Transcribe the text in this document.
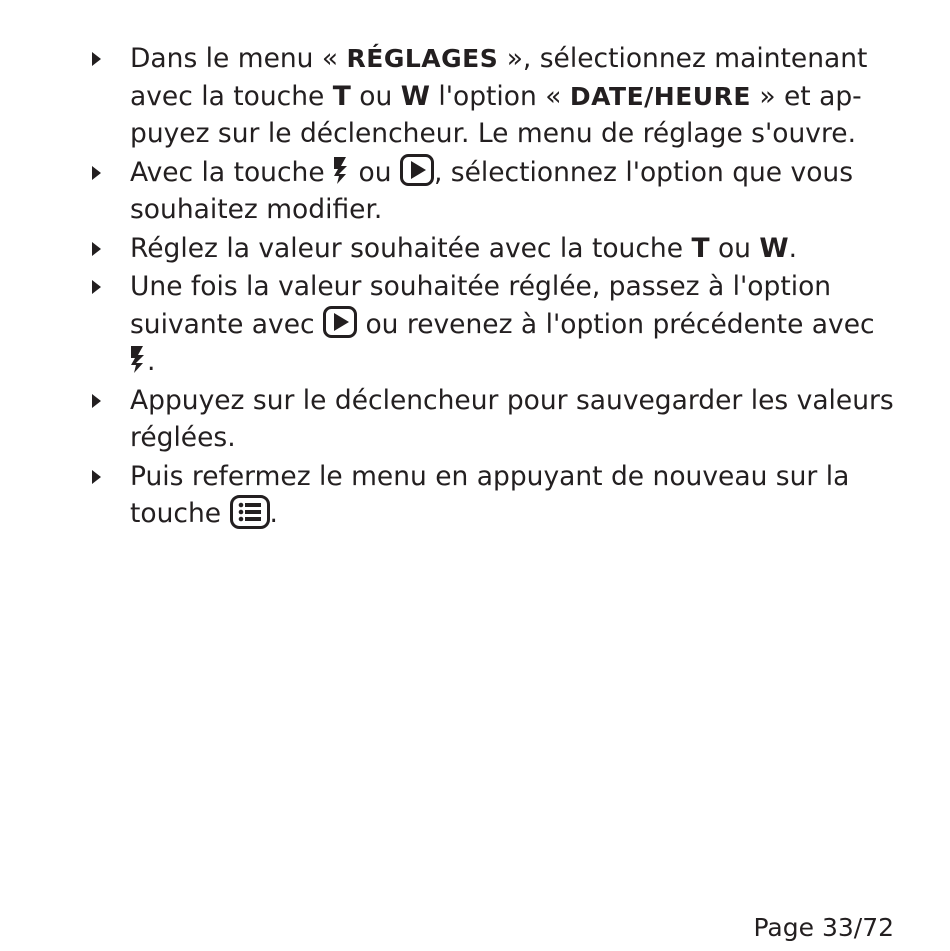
Dans le menu « RÉGLAGES », sélectionnez maintenant avec la touche T ou W l'option « DATE/HEURE » et appuyez sur le déclencheur. Le menu de réglage s'ouvre.
Avec la touche
ou
, sélectionnez l'option que vous souhaitez modifier.
Réglez la valeur souhaitée avec la touche T ou W.
Une fois la valeur souhaitée réglée, passez à l'option suivante avec
ou revenez à l'option précédente avec
.
Appuyez sur le déclencheur pour sauvegarder les valeurs réglées.
Puis refermez le menu en appuyant de nouveau sur la touche
.
Page 33/72
